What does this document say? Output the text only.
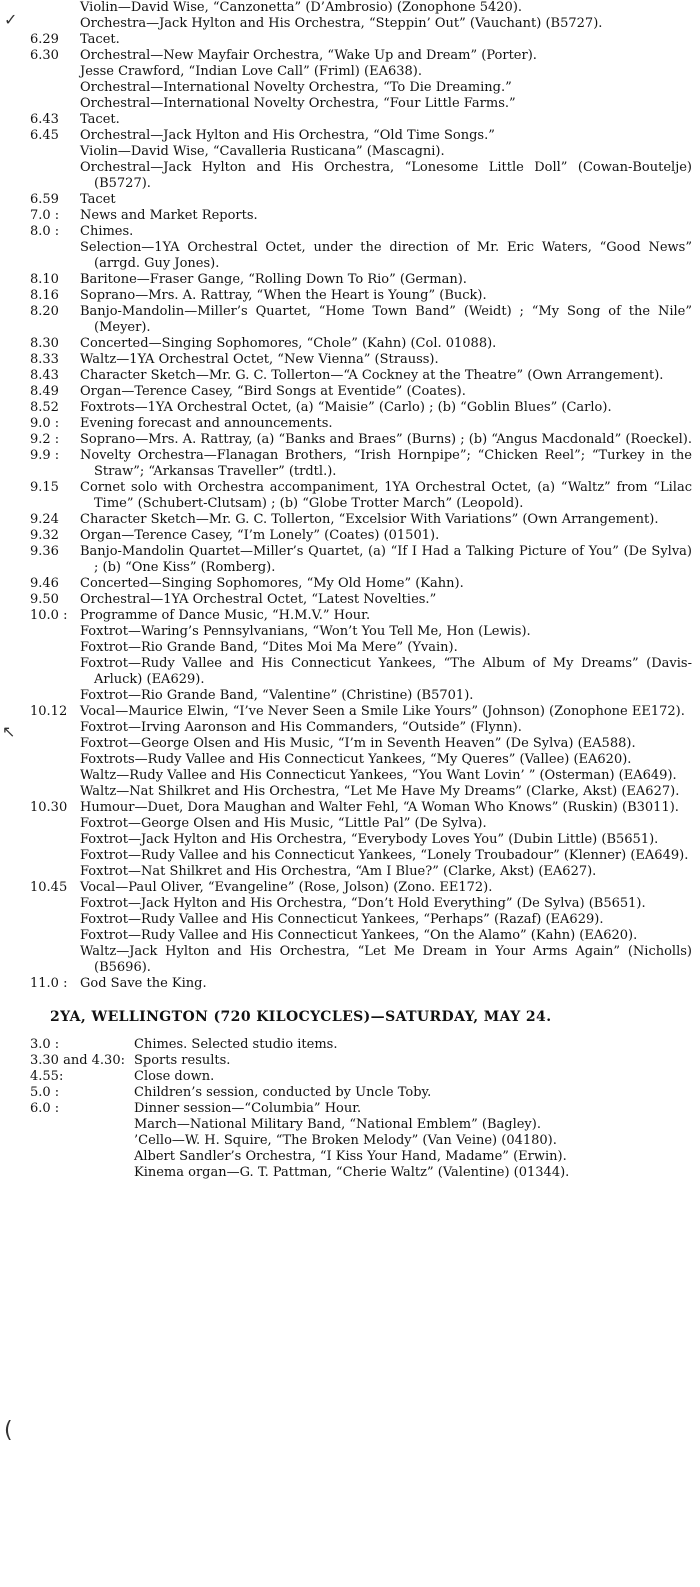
Violin—David Wise, “Canzonetta” (D’Ambrosio) (Zonophone 5420).
Orchestra—Jack Hylton and His Orchestra, “Steppin’ Out” (Vauchant) (B5727).
6.29	Tacet.
6.30	Orchestral—New Mayfair Orchestra, “Wake Up and Dream” (Porter).
Jesse Crawford, “Indian Love Call” (Friml) (EA638).
Orchestral—International Novelty Orchestra, “To Die Dreaming.”
Orchestral—International Novelty Orchestra, “Four Little Farms.”
6.43	Tacet.
6.45	Orchestral—Jack Hylton and His Orchestra, “Old Time Songs.”
Violin—David Wise, “Cavalleria Rusticana” (Mascagni).
Orchestral—Jack Hylton and His Orchestra, “Lonesome Little Doll” (Cowan-Boutelje) (B5727).
6.59	Tacet
7.0 :	News and Market Reports.
8.0 :	Chimes.
Selection—1YA Orchestral Octet, under the direction of Mr. Eric Waters, “Good News” (arrgd. Guy Jones).
8.10	Baritone—Fraser Gange, “Rolling Down To Rio” (German).
8.16	Soprano—Mrs. A. Rattray, “When the Heart is Young” (Buck).
8.20	Banjo-Mandolin—Miller’s Quartet, “Home Town Band” (Weidt) ; “My Song of the Nile” (Meyer).
8.30	Concerted—Singing Sophomores, “Chole” (Kahn) (Col. 01088).
8.33	Waltz—1YA Orchestral Octet, “New Vienna” (Strauss).
8.43	Character Sketch—Mr. G. C. Tollerton—“A Cockney at the Theatre” (Own Arrangement).
8.49	Organ—Terence Casey, “Bird Songs at Eventide” (Coates).
8.52	Foxtrots—1YA Orchestral Octet, (a) “Maisie” (Carlo) ; (b) “Goblin Blues” (Carlo).
9.0 :	Evening forecast and announcements.
9.2 :	Soprano—Mrs. A. Rattray, (a) “Banks and Braes” (Burns) ; (b) “Angus Macdonald” (Roeckel).
9.9 :	Novelty Orchestra—Flanagan Brothers, “Irish Hornpipe”; “Chicken Reel”; “Turkey in the Straw”; “Arkansas Traveller” (trdtl.).
9.15	Cornet solo with Orchestra accompaniment, 1YA Orchestral Octet, (a) “Waltz” from “Lilac Time” (Schubert-Clutsam) ; (b) “Globe Trotter March” (Leopold).
9.24	Character Sketch—Mr. G. C. Tollerton, “Excelsior With Variations” (Own Arrangement).
9.32	Organ—Terence Casey, “I’m Lonely” (Coates) (01501).
9.36	Banjo-Mandolin Quartet—Miller’s Quartet, (a) “If I Had a Talking Picture of You” (De Sylva) ; (b) “One Kiss” (Romberg).
9.46	Concerted—Singing Sophomores, “My Old Home” (Kahn).
9.50	Orchestral—1YA Orchestral Octet, “Latest Novelties.”
10.0 : Programme of Dance Music, “H.M.V.” Hour.
Foxtrot—Waring’s Pennsylvanians, “Won’t You Tell Me, Hon (Lewis).
Foxtrot—Rio Grande Band, “Dites Moi Ma Mere” (Yvain).
Foxtrot—Rudy Vallee and His Connecticut Yankees, “The Album of My Dreams” (Davis-Arluck) (EA629).
Foxtrot—Rio Grande Band, “Valentine” (Christine) (B5701).
10.12 Vocal—Maurice Elwin, “I’ve Never Seen a Smile Like Yours” (Johnson) (Zonophone EE172).
Foxtrot—Irving Aaronson and His Commanders, “Outside” (Flynn).
Foxtrot—George Olsen and His Music, “I’m in Seventh Heaven” (De Sylva) (EA588).
Foxtrots—Rudy Vallee and His Connecticut Yankees, “My Queres” (Vallee) (EA620).
Waltz—Rudy Vallee and His Connecticut Yankees, “You Want Lovin’ ” (Osterman) (EA649).
Waltz—Nat Shilkret and His Orchestra, “Let Me Have My Dreams” (Clarke, Akst) (EA627).
10.30 Humour—Duet, Dora Maughan and Walter Fehl, “A Woman Who Knows” (Ruskin) (B3011).
Foxtrot—George Olsen and His Music, “Little Pal” (De Sylva).
Foxtrot—Jack Hylton and His Orchestra, “Everybody Loves You” (Dubin Little) (B5651).
Foxtrot—Rudy Vallee and his Connecticut Yankees, “Lonely Troubadour” (Klenner) (EA649).
Foxtrot—Nat Shilkret and His Orchestra, “Am I Blue?” (Clarke, Akst) (EA627).
10.45 Vocal—Paul Oliver, “Evangeline” (Rose, Jolson) (Zono. EE172).
Foxtrot—Jack Hylton and His Orchestra, “Don’t Hold Everything” (De Sylva) (B5651).
Foxtrot—Rudy Vallee and His Connecticut Yankees, “Perhaps” (Razaf) (EA629).
Foxtrot—Rudy Vallee and His Connecticut Yankees, “On the Alamo” (Kahn) (EA620).
Waltz—Jack Hylton and His Orchestra, “Let Me Dream in Your Arms Again” (Nicholls) (B5696).
11.0 : God Save the King.
2YA, WELLINGTON (720 KILOCYCLES)—SATURDAY, MAY 24.
3.0 :	Chimes. Selected studio items.
3.30 and 4.30: Sports results.
4.55:	Close down.
5.0 :	Children’s session, conducted by Uncle Toby.
6.0 :	Dinner session—“Columbia” Hour.
March—National Military Band, “National Emblem” (Bagley).
’Cello—W. H. Squire, “The Broken Melody” (Van Veine) (04180).
Albert Sandler’s Orchestra, “I Kiss Your Hand, Madame” (Erwin).
Kinema organ—G. T. Pattman, “Cherie Waltz” (Valentine) (01344).
✓
↖
(
